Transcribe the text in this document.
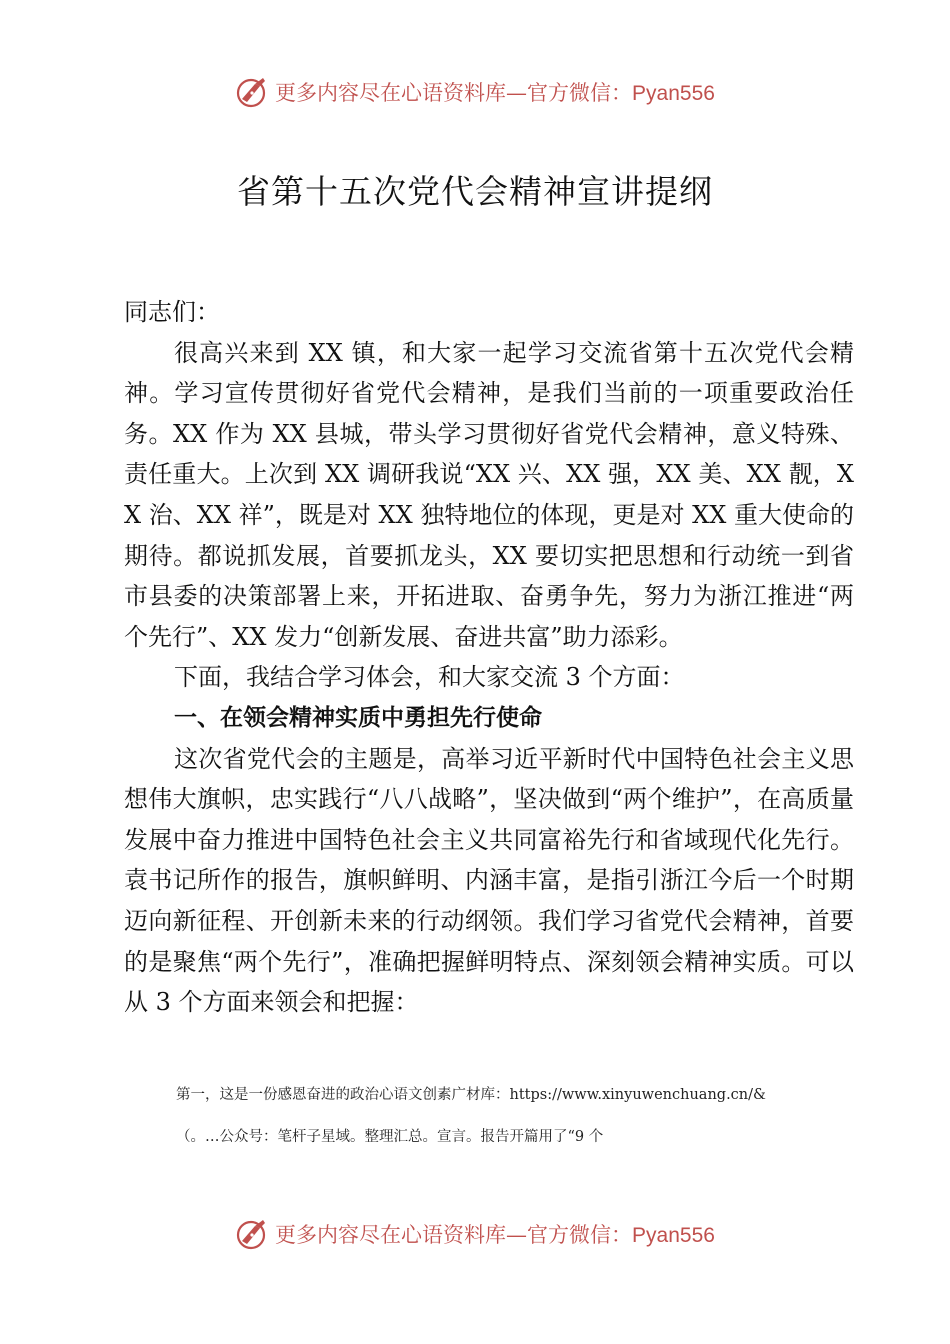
更多内容尽在心语资料库—官方微信：Pyan556
省第十五次党代会精神宣讲提纲

同志们：

很高兴来到 XX 镇，和大家一起学习交流省第十五次党代会精神。学习宣传贯彻好省党代会精神，是我们当前的一项重要政治任务。XX 作为 XX 县城，带头学习贯彻好省党代会精神，意义特殊、责任重大。上次到 XX 调研我说“XX 兴、XX 强，XX 美、XX 靓，XX 治、XX 祥”，既是对 XX 独特地位的体现，更是对 XX 重大使命的期待。都说抓发展，首要抓龙头，XX 要切实把思想和行动统一到省市县委的决策部署上来，开拓进取、奋勇争先，努力为浙江推进“两个先行”、XX 发力“创新发展、奋进共富”助力添彩。

下面，我结合学习体会，和大家交流 3 个方面：

一、在领会精神实质中勇担先行使命

这次省党代会的主题是，高举习近平新时代中国特色社会主义思想伟大旗帜，忠实践行“八八战略”，坚决做到“两个维护”，在高质量发展中奋力推进中国特色社会主义共同富裕先行和省域现代化先行。袁书记所作的报告，旗帜鲜明、内涵丰富，是指引浙江今后一个时期迈向新征程、开创新未来的行动纲领。我们学习省党代会精神，首要的是聚焦“两个先行”，准确把握鲜明特点、深刻领会精神实质。可以从 3 个方面来领会和把握：

第一，这是一份感恩奋进的政治心语文创素广材库：https://www.xinyuwenchuang.cn/&
（。…公众号：笔杆子星域。整理汇总。宣言。报告开篇用了“9 个
更多内容尽在心语资料库—官方微信：Pyan556
